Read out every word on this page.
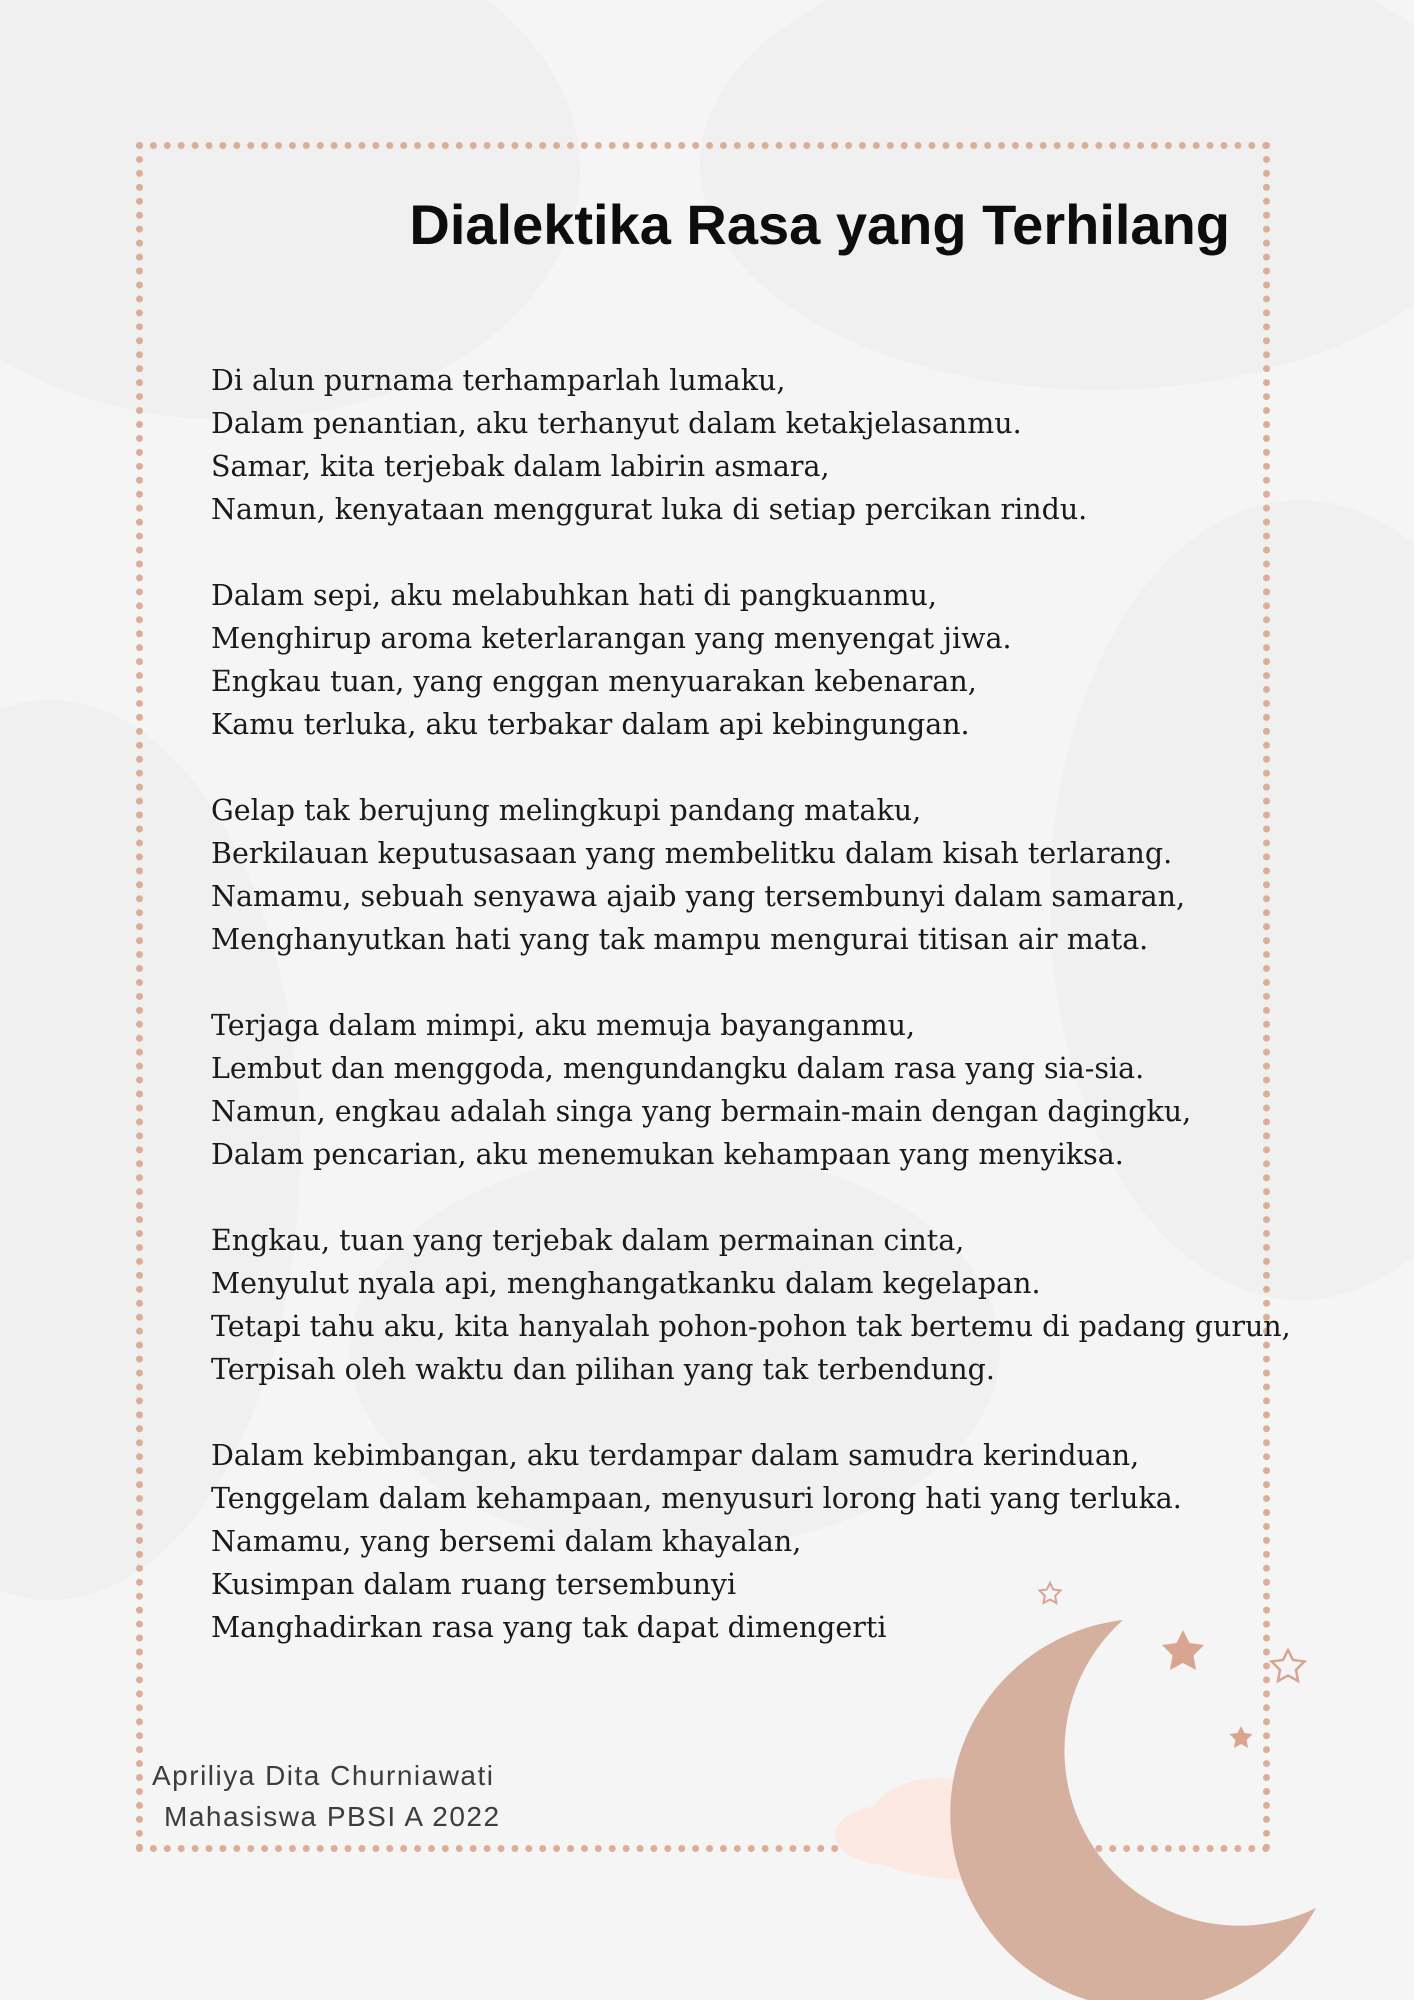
Dialektika Rasa yang Terhilang
Di alun purnama terhamparlah lumaku,
Dalam penantian, aku terhanyut dalam ketakjelasanmu.
Samar, kita terjebak dalam labirin asmara,
Namun, kenyataan menggurat luka di setiap percikan rindu.
Dalam sepi, aku melabuhkan hati di pangkuanmu,
Menghirup aroma keterlarangan yang menyengat jiwa.
Engkau tuan, yang enggan menyuarakan kebenaran,
Kamu terluka, aku terbakar dalam api kebingungan.
Gelap tak berujung melingkupi pandang mataku,
Berkilauan keputusasaan yang membelitku dalam kisah terlarang.
Namamu, sebuah senyawa ajaib yang tersembunyi dalam samaran,
Menghanyutkan hati yang tak mampu mengurai titisan air mata.
Terjaga dalam mimpi, aku memuja bayanganmu,
Lembut dan menggoda, mengundangku dalam rasa yang sia-sia.
Namun, engkau adalah singa yang bermain-main dengan dagingku,
Dalam pencarian, aku menemukan kehampaan yang menyiksa.
Engkau, tuan yang terjebak dalam permainan cinta,
Menyulut nyala api, menghangatkanku dalam kegelapan.
Tetapi tahu aku, kita hanyalah pohon-pohon tak bertemu di padang gurun,
Terpisah oleh waktu dan pilihan yang tak terbendung.
Dalam kebimbangan, aku terdampar dalam samudra kerinduan,
Tenggelam dalam kehampaan, menyusuri lorong hati yang terluka.
Namamu, yang bersemi dalam khayalan,
Kusimpan dalam ruang tersembunyi
Manghadirkan rasa yang tak dapat dimengerti
Apriliya Dita Churniawati
Mahasiswa PBSI A 2022
